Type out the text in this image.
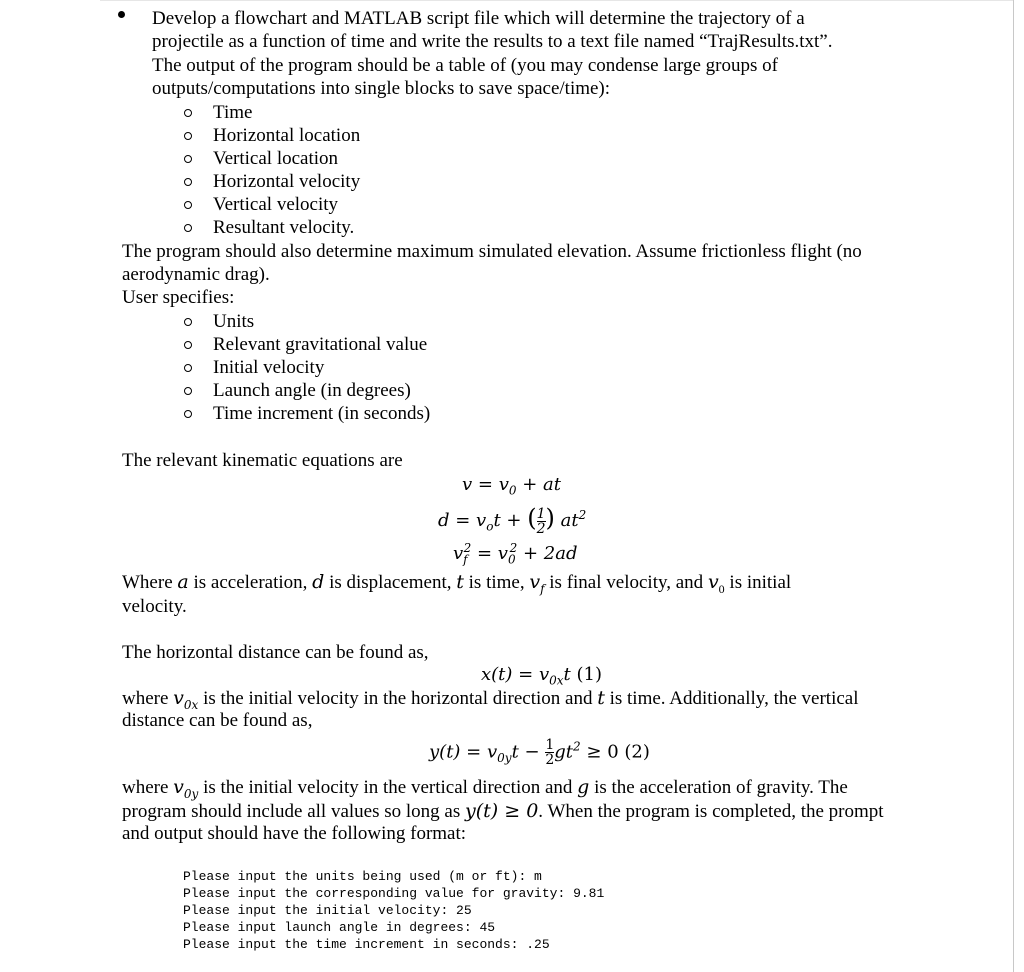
Develop a flowchart and MATLAB script file which will determine the trajectory of a
projectile as a function of time and write the results to a text file named “TrajResults.txt”.
The output of the program should be a table of (you may condense large groups of
outputs/computations into single blocks to save space/time):
Time
Horizontal location
Vertical location
Horizontal velocity
Vertical velocity
Resultant velocity.
The program should also determine maximum simulated elevation. Assume frictionless flight (no
aerodynamic drag).
User specifies:
Units
Relevant gravitational value
Initial velocity
Launch angle (in degrees)
Time increment (in seconds)
The relevant kinematic equations are
$v = v_0$ + at
$d = v_ot + (\frac{1}{2}$ ) $at^2$
$v_f^2 = v_0^2 + 2ad$
Where a is acceleration, d is displacement, t is time, $v_f$ is final velocity, and $v_0$ is initial
velocity.
The horizontal distance can be found as,
$x(t) = v_{0x}t$ (1)
where $v_{0x}$ is the initial velocity in the horizontal direction and t is time. Additionally, the vertical
distance can be found as,
$y(t) = v_{0y}t - \frac{1}{2} gt^2 \ge 0$ (2)
where $v_{0y}$ is the initial velocity in the vertical direction and g is the acceleration of gravity. The
program should include all values so long as y(t) ≥ 0. When the program is completed, the prompt
and output should have the following format:
Please input the units being used (m or ft): m
Please input the corresponding value for gravity: 9.81
Please input the initial velocity: 25
Please input launch angle in degrees: 45
Please input the time increment in seconds: .25
